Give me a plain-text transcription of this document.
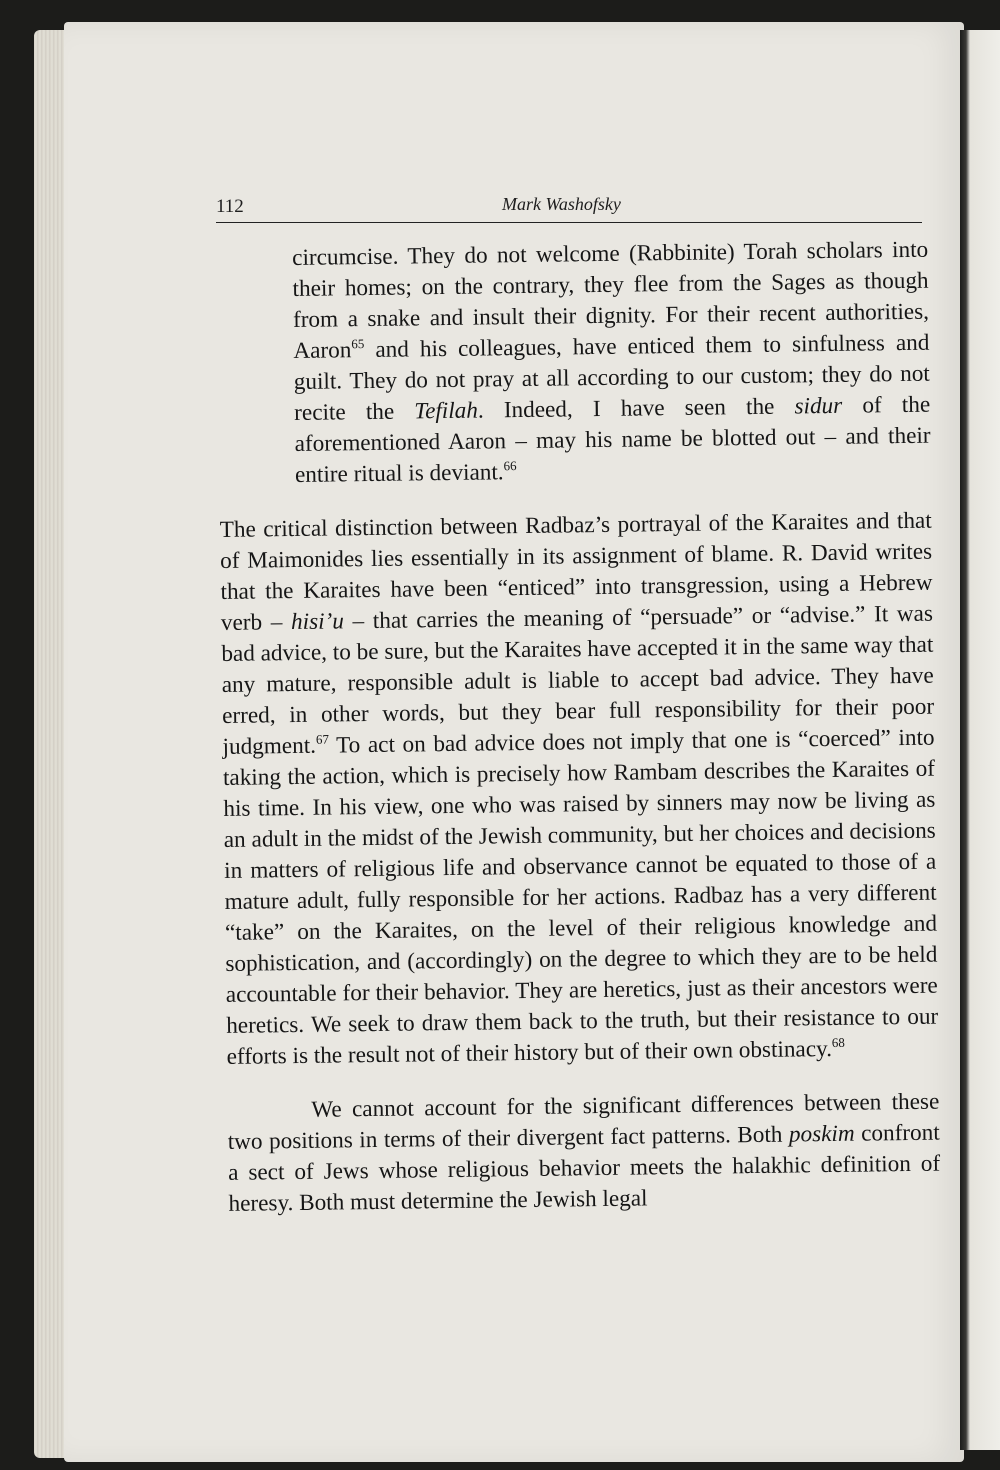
112	Mark Washofsky

circumcise. They do not welcome (Rabbinite) Torah scholars into their homes; on the contrary, they flee from the Sages as though from a snake and insult their dignity. For their recent authorities, Aaron$^{65}$ and his colleagues, have enticed them to sinfulness and guilt. They do not pray at all according to our custom; they do not recite the Tefilah. Indeed, I have seen the sidur of the aforementioned Aaron – may his name be blotted out – and their entire ritual is deviant.$^{66}$

The critical distinction between Radbaz’s portrayal of the Karaites and that of Maimonides lies essentially in its assignment of blame. R. David writes that the Karaites have been “enticed” into transgression, using a Hebrew verb – hisi’u – that carries the meaning of “persuade” or “advise.” It was bad advice, to be sure, but the Karaites have accepted it in the same way that any mature, responsible adult is liable to accept bad advice. They have erred, in other words, but they bear full responsibility for their poor judgment.$^{67}$ To act on bad advice does not imply that one is “coerced” into taking the action, which is precisely how Rambam describes the Karaites of his time. In his view, one who was raised by sinners may now be living as an adult in the midst of the Jewish community, but her choices and decisions in matters of religious life and observance cannot be equated to those of a mature adult, fully responsible for her actions. Radbaz has a very different “take” on the Karaites, on the level of their religious knowledge and sophistication, and (accordingly) on the degree to which they are to be held accountable for their behavior. They are heretics, just as their ancestors were heretics. We seek to draw them back to the truth, but their resistance to our efforts is the result not of their history but of their own obstinacy.$^{68}$

We cannot account for the significant differences between these two positions in terms of their divergent fact patterns. Both poskim confront a sect of Jews whose religious behavior meets the halakhic definition of heresy. Both must determine the Jewish legal
